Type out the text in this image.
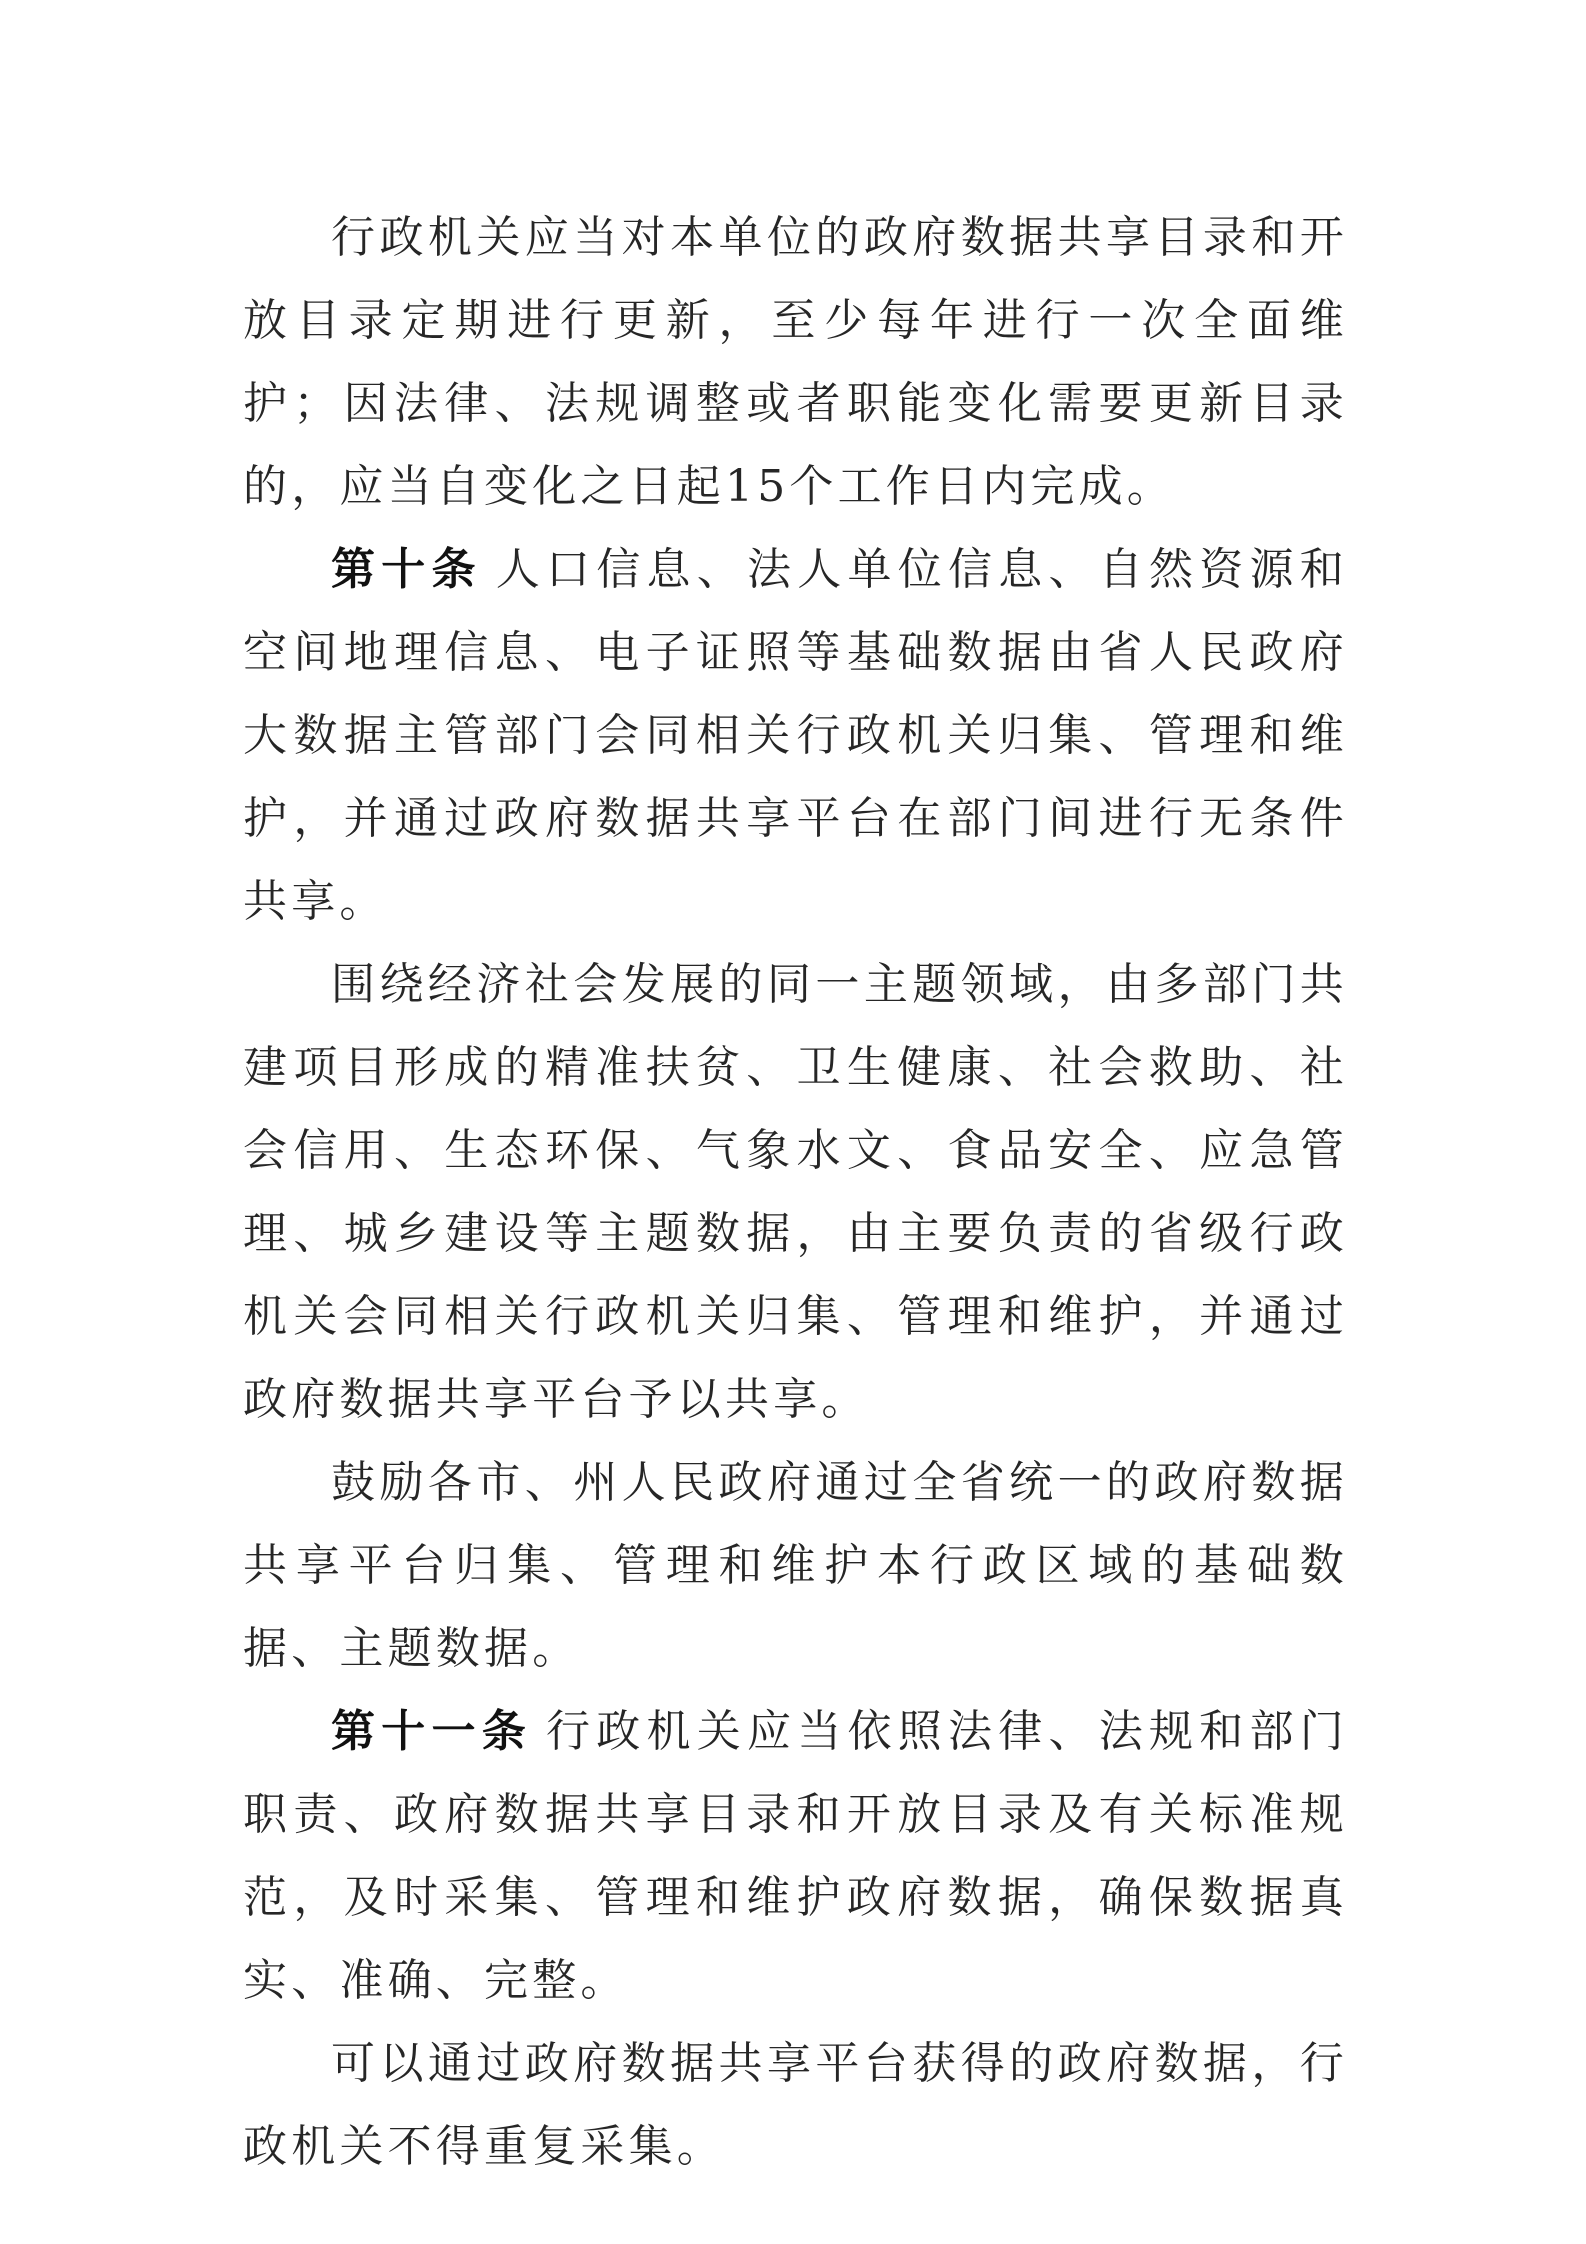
行政机关应当对本单位的政府数据共享目录和开放目录定期进行更新，至少每年进行一次全面维护；因法律、法规调整或者职能变化需要更新目录的，应当自变化之日起15个工作日内完成。

第十条 人口信息、法人单位信息、自然资源和空间地理信息、电子证照等基础数据由省人民政府大数据主管部门会同相关行政机关归集、管理和维护，并通过政府数据共享平台在部门间进行无条件共享。

围绕经济社会发展的同一主题领域，由多部门共建项目形成的精准扶贫、卫生健康、社会救助、社会信用、生态环保、气象水文、食品安全、应急管理、城乡建设等主题数据，由主要负责的省级行政机关会同相关行政机关归集、管理和维护，并通过政府数据共享平台予以共享。

鼓励各市、州人民政府通过全省统一的政府数据共享平台归集、管理和维护本行政区域的基础数据、主题数据。

第十一条 行政机关应当依照法律、法规和部门职责、政府数据共享目录和开放目录及有关标准规范，及时采集、管理和维护政府数据，确保数据真实、准确、完整。

可以通过政府数据共享平台获得的政府数据，行政机关不得重复采集。
